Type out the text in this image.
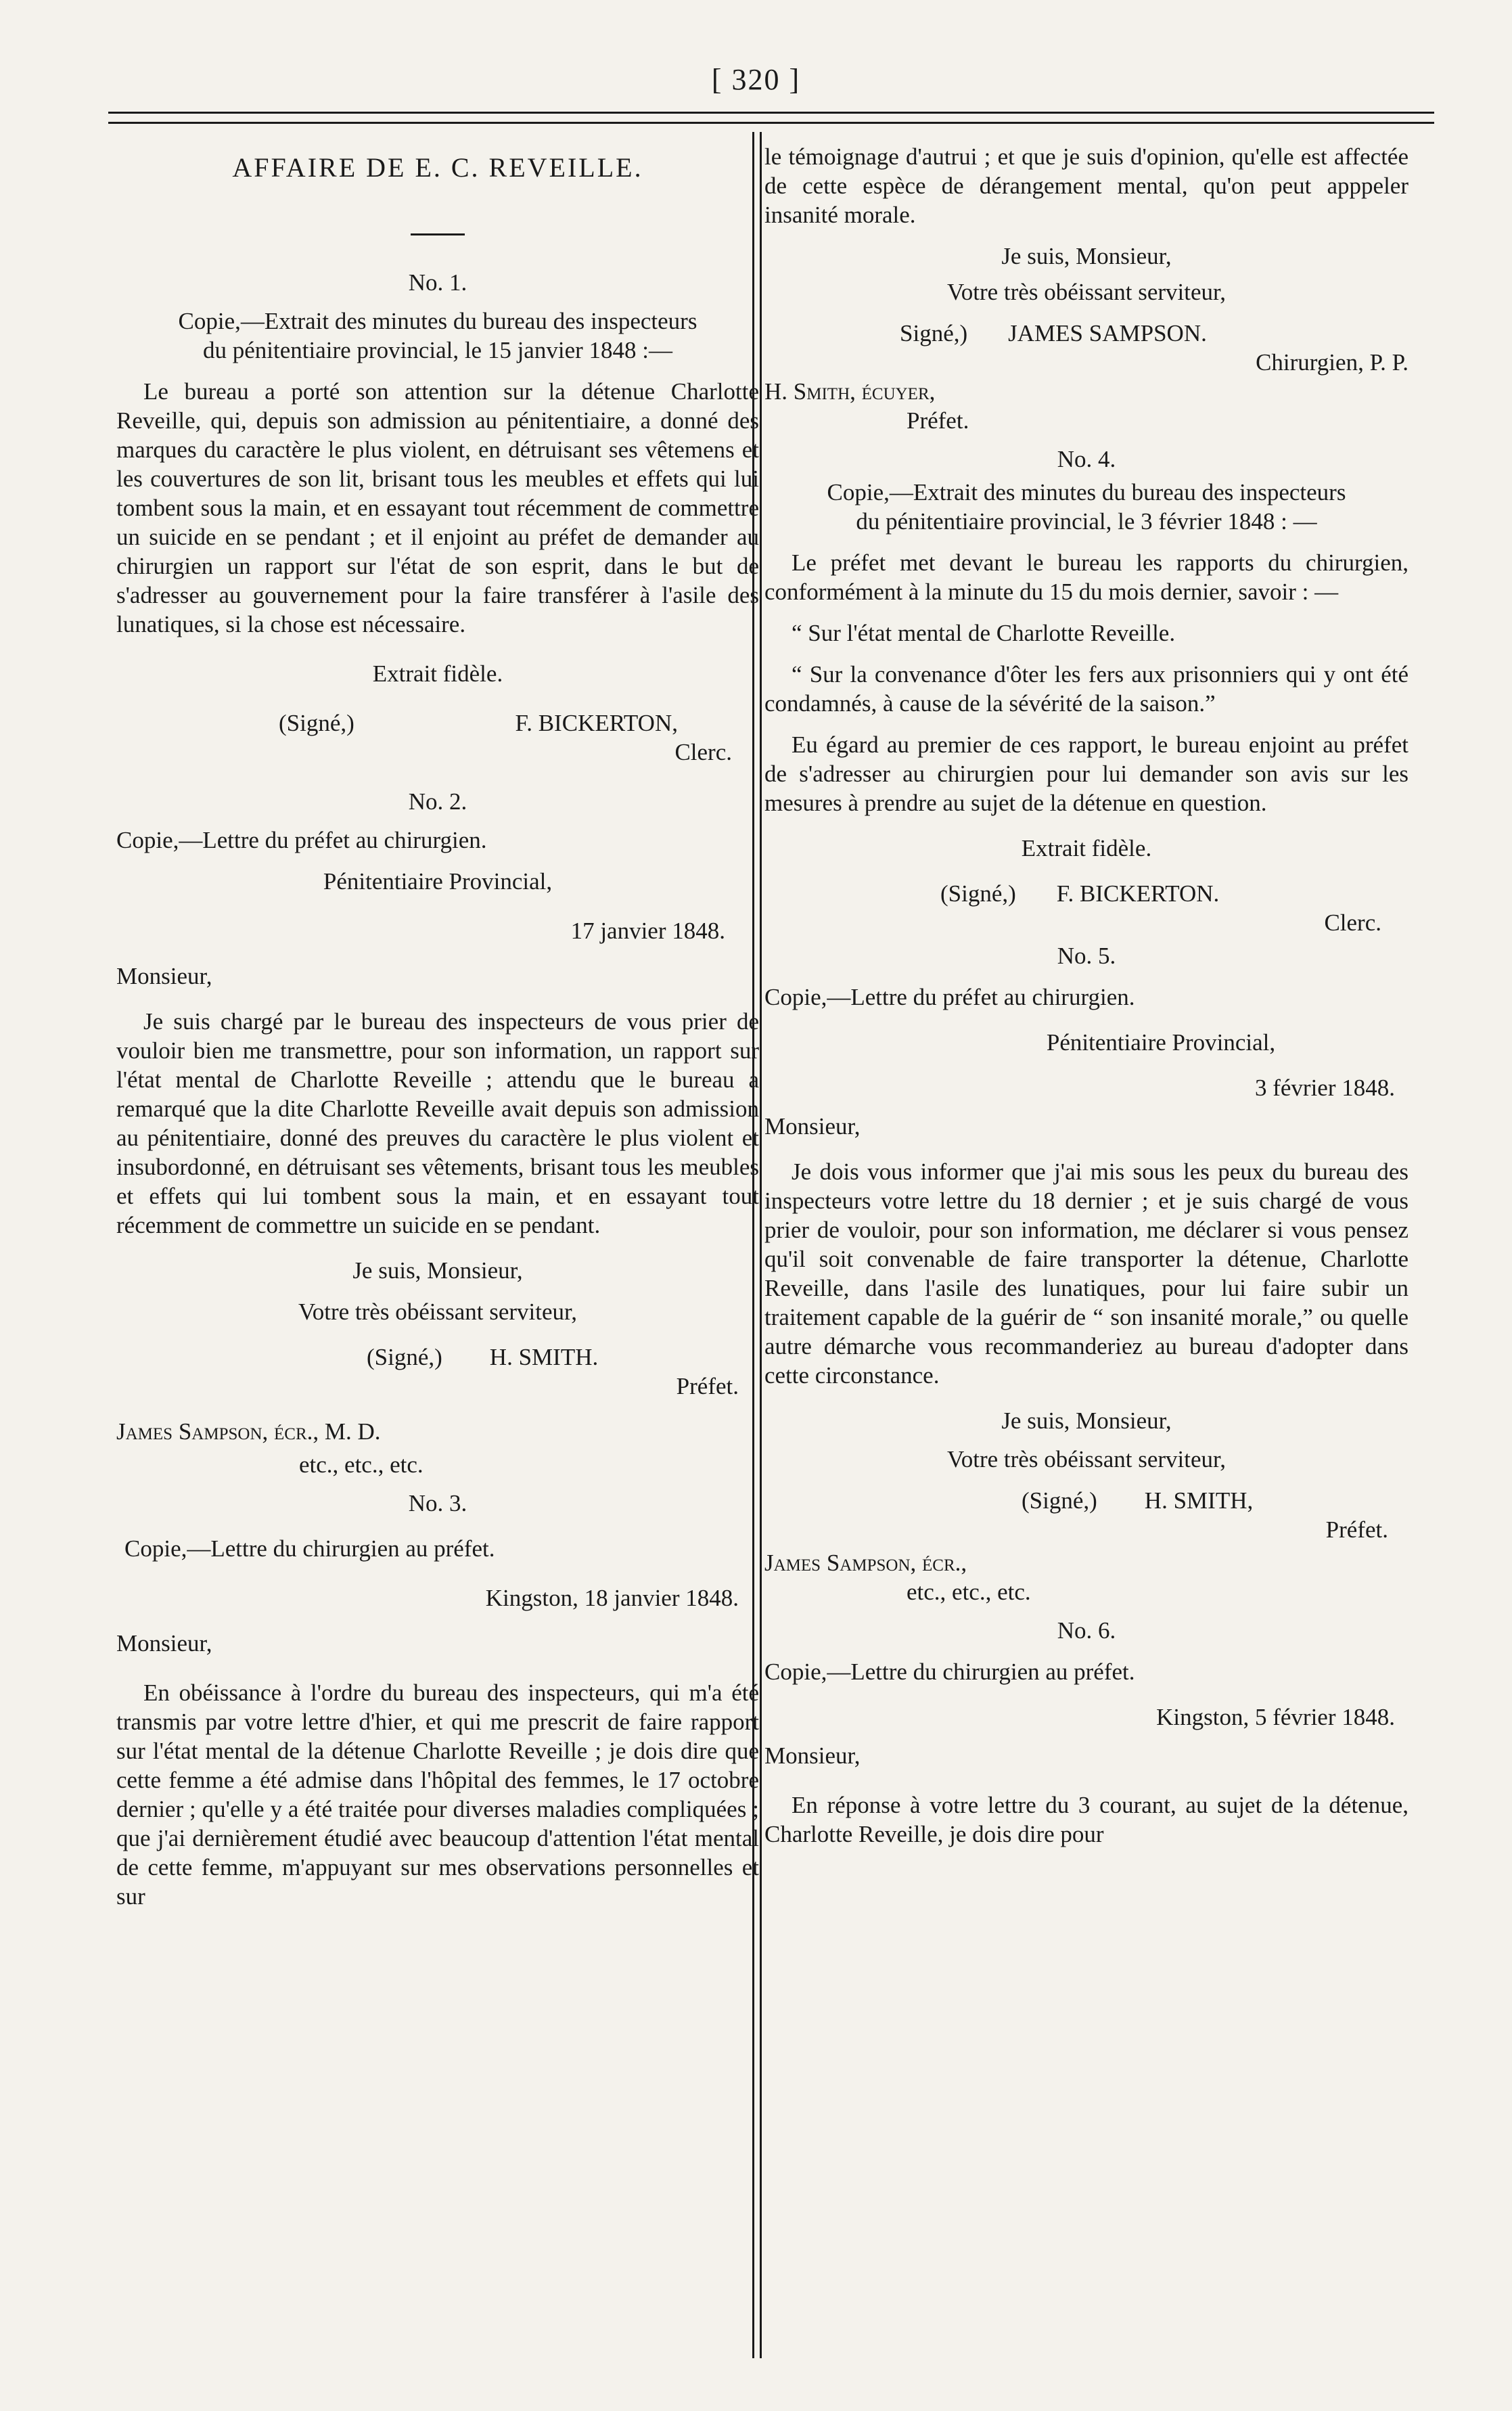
[ 320 ]

AFFAIRE DE E. C. REVEILLE.

No. 1.

Copie,—Extrait des minutes du bureau des inspecteurs

du pénitentiaire provincial, le 15 janvier 1848 :—

Le bureau a porté son attention sur la détenue Charlotte Reveille, qui, depuis son admission au pénitentiaire, a donné des marques du caractère le plus violent, en détruisant ses vêtemens et les couvertures de son lit, brisant tous les meubles et effets qui lui tombent sous la main, et en essayant tout récemment de commettre un suicide en se pendant ; et il enjoint au préfet de demander au chirurgien un rapport sur l'état de son esprit, dans le but de s'adresser au gouvernement pour la faire transférer à l'asile des lunatiques, si la chose est nécessaire.

Extrait fidèle.

(Signé,)	F. BICKERTON,

Clerc.

No. 2.

Copie,—Lettre du préfet au chirurgien.

Pénitentiaire Provincial,

17 janvier 1848.

Monsieur,

Je suis chargé par le bureau des inspecteurs de vous prier de vouloir bien me transmettre, pour son information, un rapport sur l'état mental de Charlotte Reveille ; attendu que le bureau a remarqué que la dite Charlotte Reveille avait depuis son admission au pénitentiaire, donné des preuves du caractère le plus violent et insubordonné, en détruisant ses vêtements, brisant tous les meubles et effets qui lui tombent sous la main, et en essayant tout récemment de commettre un suicide en se pendant.

Je suis, Monsieur,

Votre très obéissant serviteur,

(Signé,)	H. SMITH.

Préfet.

James Sampson, écr., M. D.

etc., etc., etc.

No. 3.

Copie,—Lettre du chirurgien au préfet.

Kingston, 18 janvier 1848.

Monsieur,

En obéissance à l'ordre du bureau des inspecteurs, qui m'a été transmis par votre lettre d'hier, et qui me prescrit de faire rapport sur l'état mental de la détenue Charlotte Reveille ; je dois dire que cette femme a été admise dans l'hôpital des femmes, le 17 octobre dernier ; qu'elle y a été traitée pour diverses maladies compliquées ; que j'ai dernièrement étudié avec beaucoup d'attention l'état mental de cette femme, m'appuyant sur mes observations personnelles et sur

le témoignage d'autrui ; et que je suis d'opinion, qu'elle est affectée de cette espèce de dérangement mental, qu'on peut apppeler insanité morale.

Je suis, Monsieur,

Votre très obéissant serviteur,

Signé,)	JAMES SAMPSON.

Chirurgien, P. P.

H. Smith, écuyer,

Préfet.

No. 4.

Copie,—Extrait des minutes du bureau des inspecteurs

du pénitentiaire provincial, le 3 février 1848 : —

Le préfet met devant le bureau les rapports du chirurgien, conformément à la minute du 15 du mois dernier, savoir : —

“ Sur l'état mental de Charlotte Reveille.

“ Sur la convenance d'ôter les fers aux prisonniers qui y ont été condamnés, à cause de la sévérité de la saison.”

Eu égard au premier de ces rapport, le bureau enjoint au préfet de s'adresser au chirurgien pour lui demander son avis sur les mesures à prendre au sujet de la détenue en question.

Extrait fidèle.

(Signé,)	F. BICKERTON.

Clerc.

No. 5.

Copie,—Lettre du préfet au chirurgien.

Pénitentiaire Provincial,

3 février 1848.

Monsieur,

Je dois vous informer que j'ai mis sous les peux du bureau des inspecteurs votre lettre du 18 dernier ; et je suis chargé de vous prier de vouloir, pour son information, me déclarer si vous pensez qu'il soit convenable de faire transporter la détenue, Charlotte Reveille, dans l'asile des lunatiques, pour lui faire subir un traitement capable de la guérir de “ son insanité morale,” ou quelle autre démarche vous recommanderiez au bureau d'adopter dans cette circonstance.

Je suis, Monsieur,

Votre très obéissant serviteur,

(Signé,)	H. SMITH,

Préfet.

James Sampson, écr.,

etc., etc., etc.

No. 6.

Copie,—Lettre du chirurgien au préfet.

Kingston, 5 février 1848.

Monsieur,

En réponse à votre lettre du 3 courant, au sujet de la détenue, Charlotte Reveille, je dois dire pour
